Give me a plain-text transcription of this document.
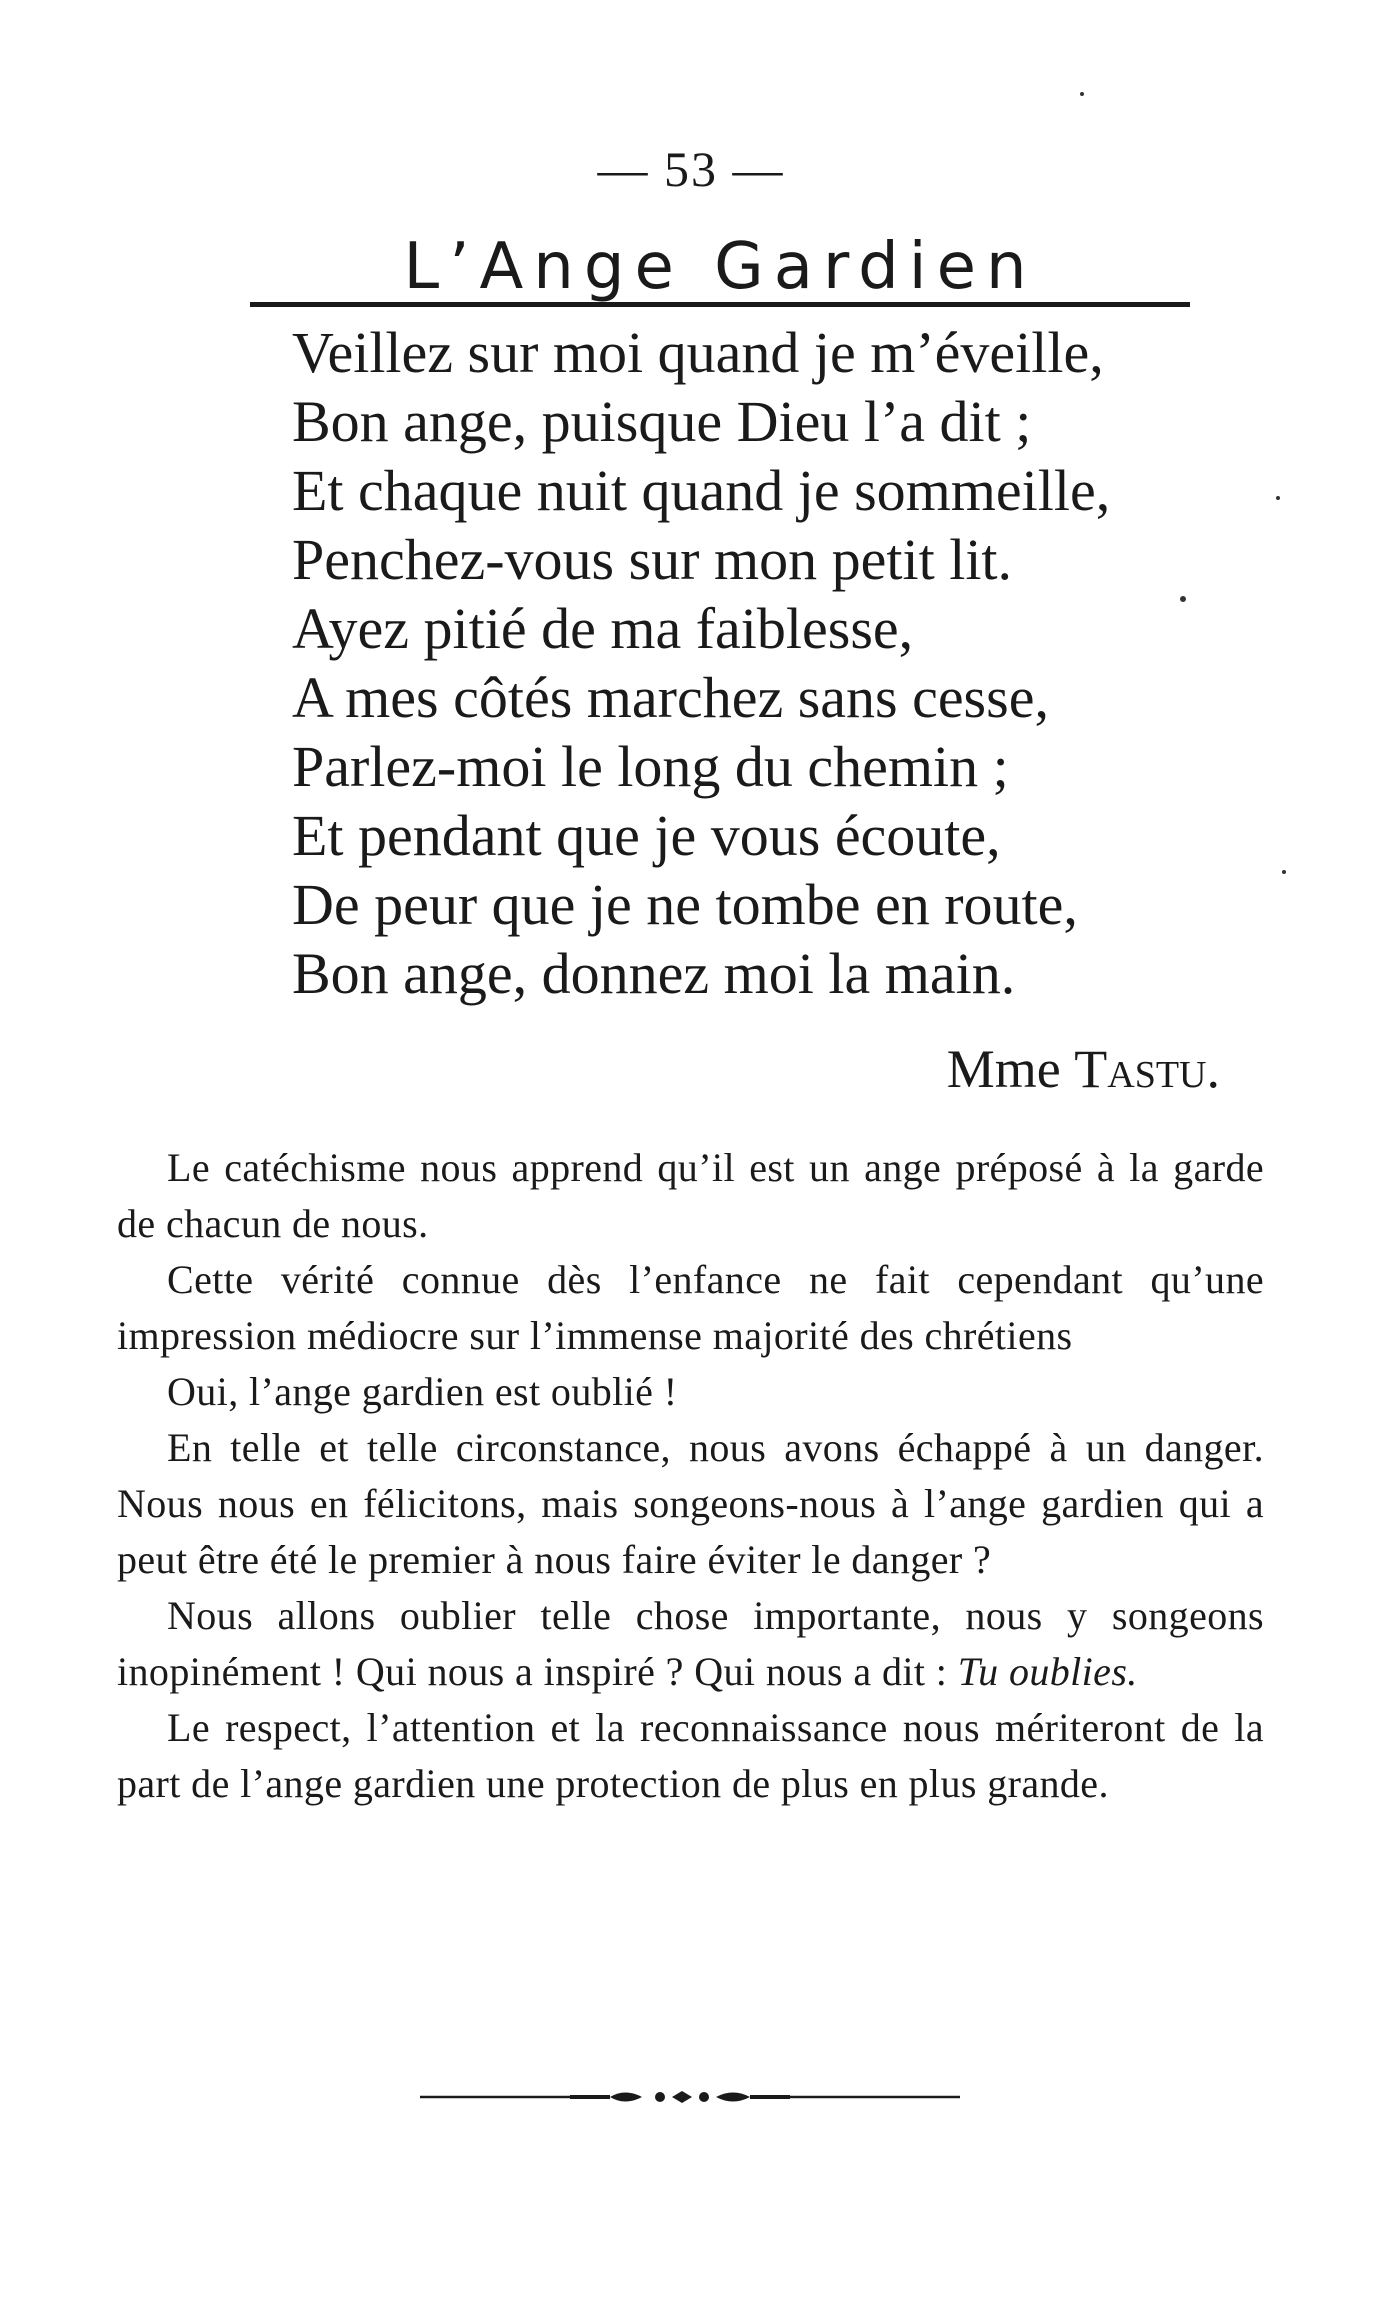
— 53 —
L’Ange Gardien
Veillez sur moi quand je m’éveille,
Bon ange, puisque Dieu l’a dit ;
Et chaque nuit quand je sommeille,
Penchez-vous sur mon petit lit.
Ayez pitié de ma faiblesse,
A mes côtés marchez sans cesse,
Parlez-moi le long du chemin ;
Et pendant que je vous écoute,
De peur que je ne tombe en route,
Bon ange, donnez moi la main.
Mme Tastu.

Le catéchisme nous apprend qu’il est un ange préposé à la garde de chacun de nous.

Cette vérité connue dès l’enfance ne fait cependant qu’une impression médiocre sur l’immense majorité des chrétiens

Oui, l’ange gardien est oublié !

En telle et telle circonstance, nous avons échappé à un danger. Nous nous en félicitons, mais songeons-nous à l’ange gardien qui a peut être été le premier à nous faire éviter le danger ?

Nous allons oublier telle chose importante, nous y songeons inopinément ! Qui nous a inspiré ? Qui nous a dit : Tu oublies.

Le respect, l’attention et la reconnaissance nous mériteront de la part de l’ange gardien une protection de plus en plus grande.
